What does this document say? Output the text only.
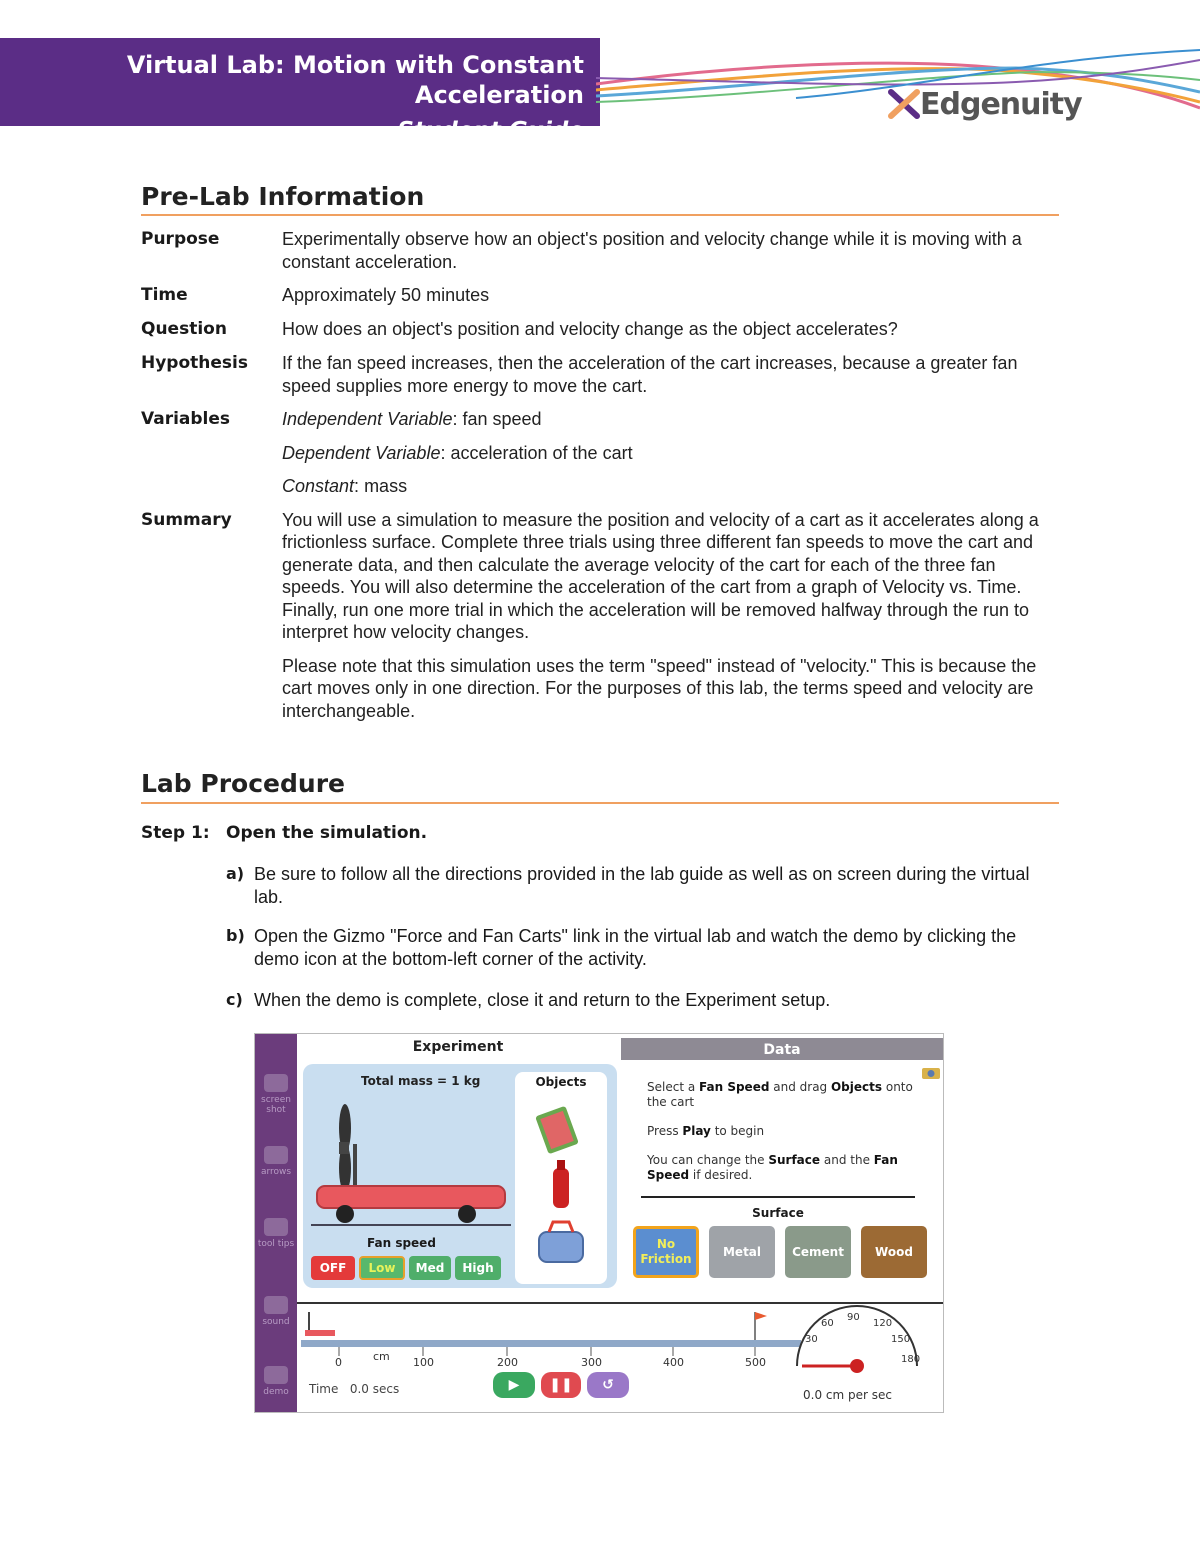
Virtual Lab: Motion with Constant Acceleration
Student Guide
Edgenuity
Pre-Lab Information
Purpose	Experimentally observe how an object's position and velocity change while it is moving with a constant acceleration.
Time	Approximately 50 minutes
Question	How does an object's position and velocity change as the object accelerates?
Hypothesis	If the fan speed increases, then the acceleration of the cart increases, because a greater fan speed supplies more energy to move the cart.
Variables	Independent Variable: fan speed

Dependent Variable: acceleration of the cart

Constant: mass

Summary	You will use a simulation to measure the position and velocity of a cart as it accelerates along a frictionless surface. Complete three trials using three different fan speeds to move the cart and generate data, and then calculate the average velocity of the cart for each of the three fan speeds. You will also determine the acceleration of the cart from a graph of Velocity vs. Time. Finally, run one more trial in which the acceleration will be removed halfway through the run to interpret how velocity changes.

Please note that this simulation uses the term "speed" instead of "velocity." This is because the cart moves only in one direction. For the purposes of this lab, the terms speed and velocity are interchangeable.

Lab Procedure
Step 1: Open the simulation.
a) Be sure to follow all the directions provided in the lab guide as well as on screen during the virtual lab.
b) Open the Gizmo "Force and Fan Carts" link in the virtual lab and watch the demo by clicking the demo icon at the bottom-left corner of the activity.
c) When the demo is complete, close it and return to the Experiment setup.
screen shot
arrows
tool tips
sound
demo
Experiment	Data
Total mass = 1 kg	Objects
Fan speed
OFF	Low	Med	High

Select a Fan Speed and drag Objects onto the cart

Press Play to begin

You can change the Surface and the Fan Speed if desired.

Surface
No Friction
Metal	Cement	Wood
cm
0	100	200	300	400	500
30
60
90
120
150
180
Time 0.0 secs	▶	❚❚	↺
0.0 cm per sec
